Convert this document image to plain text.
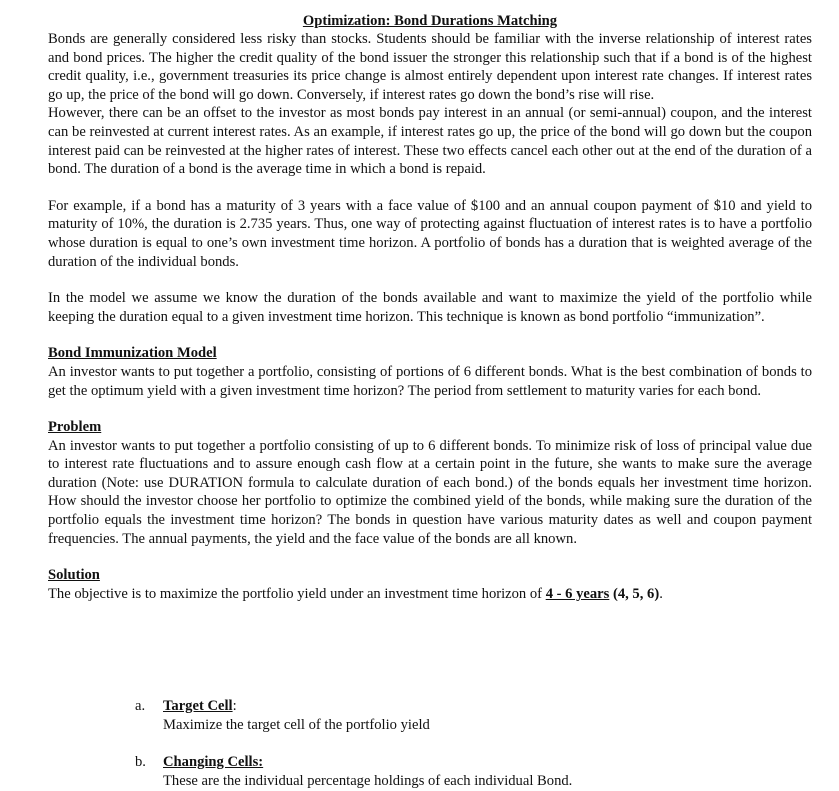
Optimization: Bond Durations Matching

Bonds are generally considered less risky than stocks. Students should be familiar with the inverse relationship of interest rates and bond prices. The higher the credit quality of the bond issuer the stronger this relationship such that if a bond is of the highest credit quality, i.e., government treasuries its price change is almost entirely dependent upon interest rate changes. If interest rates go up, the price of the bond will go down. Conversely, if interest rates go down the bond’s rise will rise.

However, there can be an offset to the investor as most bonds pay interest in an annual (or semi-annual) coupon, and the interest can be reinvested at current interest rates. As an example, if interest rates go up, the price of the bond will go down but the coupon interest paid can be reinvested at the higher rates of interest. These two effects cancel each other out at the end of the duration of a bond. The duration of a bond is the average time in which a bond is repaid.

For example, if a bond has a maturity of 3 years with a face value of $100 and an annual coupon payment of $10 and yield to maturity of 10%, the duration is 2.735 years. Thus, one way of protecting against fluctuation of interest rates is to have a portfolio whose duration is equal to one’s own investment time horizon. A portfolio of bonds has a duration that is weighted average of the duration of the individual bonds.

In the model we assume we know the duration of the bonds available and want to maximize the yield of the portfolio while keeping the duration equal to a given investment time horizon. This technique is known as bond portfolio “immunization”.

Bond Immunization Model

An investor wants to put together a portfolio, consisting of portions of 6 different bonds. What is the best combination of bonds to get the optimum yield with a given investment time horizon? The period from settlement to maturity varies for each bond.

Problem

An investor wants to put together a portfolio consisting of up to 6 different bonds. To minimize risk of loss of principal value due to interest rate fluctuations and to assure enough cash flow at a certain point in the future, she wants to make sure the average duration (Note: use DURATION formula to calculate duration of each bond.) of the bonds equals her investment time horizon. How should the investor choose her portfolio to optimize the combined yield of the bonds, while making sure the duration of the portfolio equals the investment time horizon? The bonds in question have various maturity dates as well and coupon payment frequencies. The annual payments, the yield and the face value of the bonds are all known.

Solution

The objective is to maximize the portfolio yield under an investment time horizon of 4 - 6 years (4, 5, 6).

a. Target Cell:
Maximize the target cell of the portfolio yield
b. Changing Cells:
These are the individual percentage holdings of each individual Bond.
